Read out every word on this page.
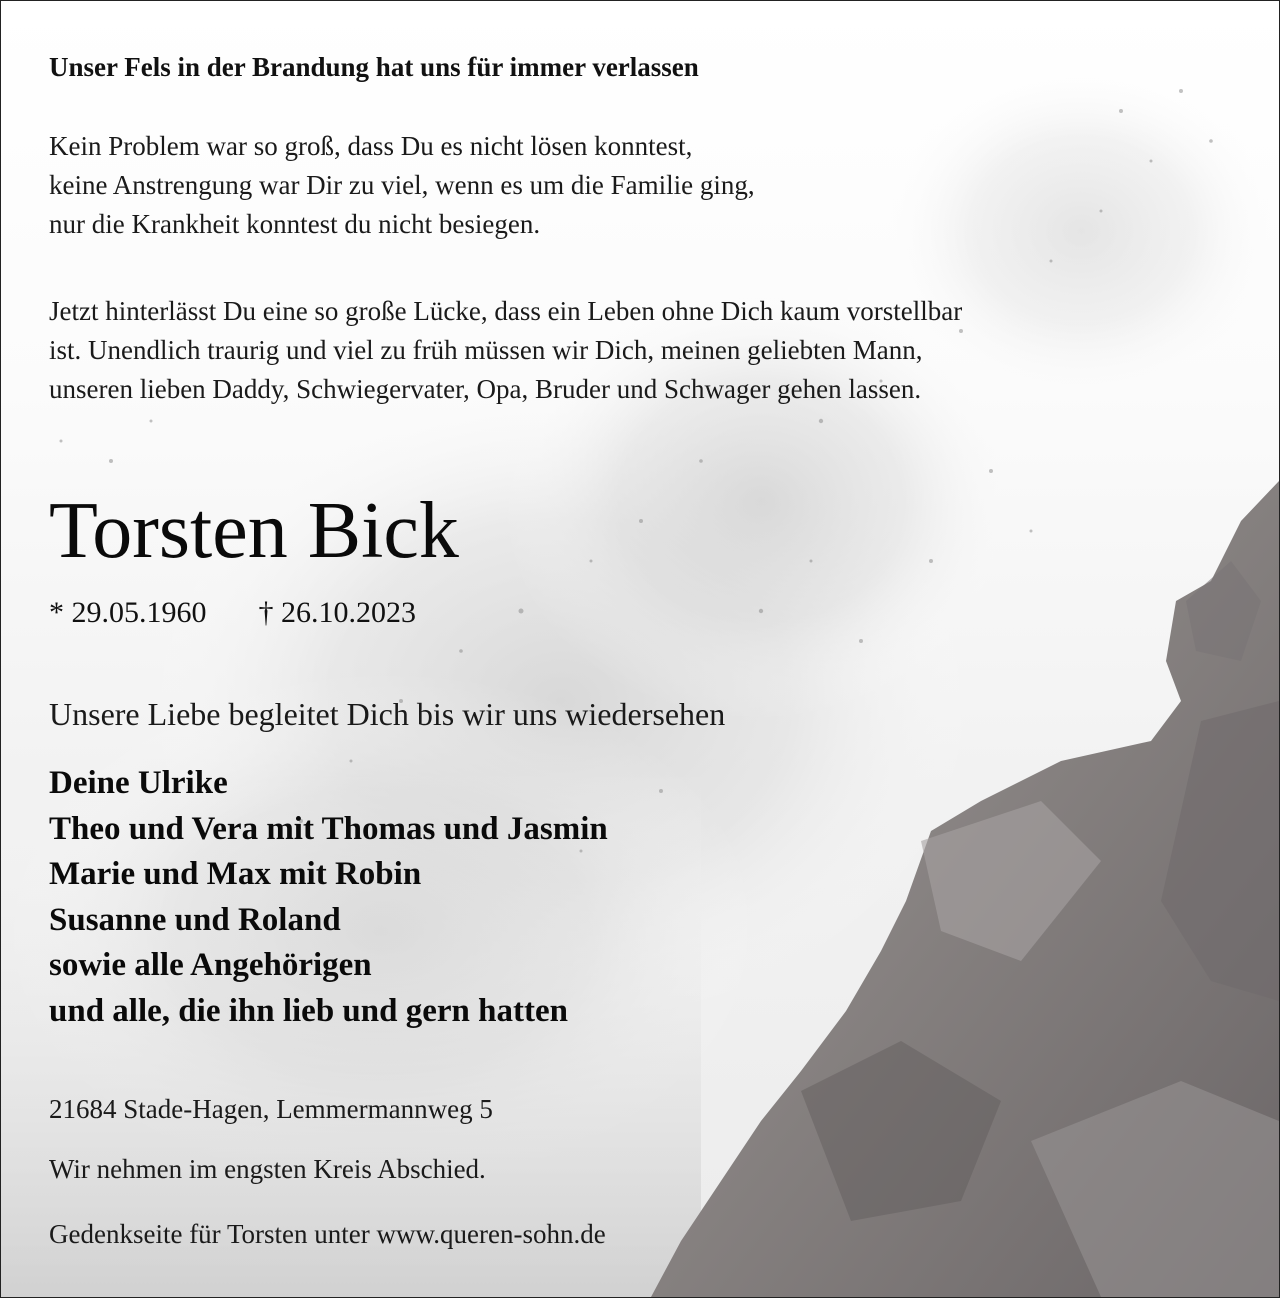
Unser Fels in der Brandung hat uns für immer verlassen
Kein Problem war so groß, dass Du es nicht lösen konntest,
keine Anstrengung war Dir zu viel, wenn es um die Familie ging,
nur die Krankheit konntest du nicht besiegen.
Jetzt hinterlässt Du eine so große Lücke, dass ein Leben ohne Dich kaum vorstellbar
ist. Unendlich traurig und viel zu früh müssen wir Dich, meinen geliebten Mann,
unseren lieben Daddy, Schwiegervater, Opa, Bruder und Schwager gehen lassen.
Torsten Bick
* 29.05.1960 † 26.10.2023
Unsere Liebe begleitet Dich bis wir uns wiedersehen
Deine Ulrike
Theo und Vera mit Thomas und Jasmin
Marie und Max mit Robin
Susanne und Roland
sowie alle Angehörigen
und alle, die ihn lieb und gern hatten
21684 Stade-Hagen, Lemmermannweg 5
Wir nehmen im engsten Kreis Abschied.
Gedenkseite für Torsten unter www.queren-sohn.de
